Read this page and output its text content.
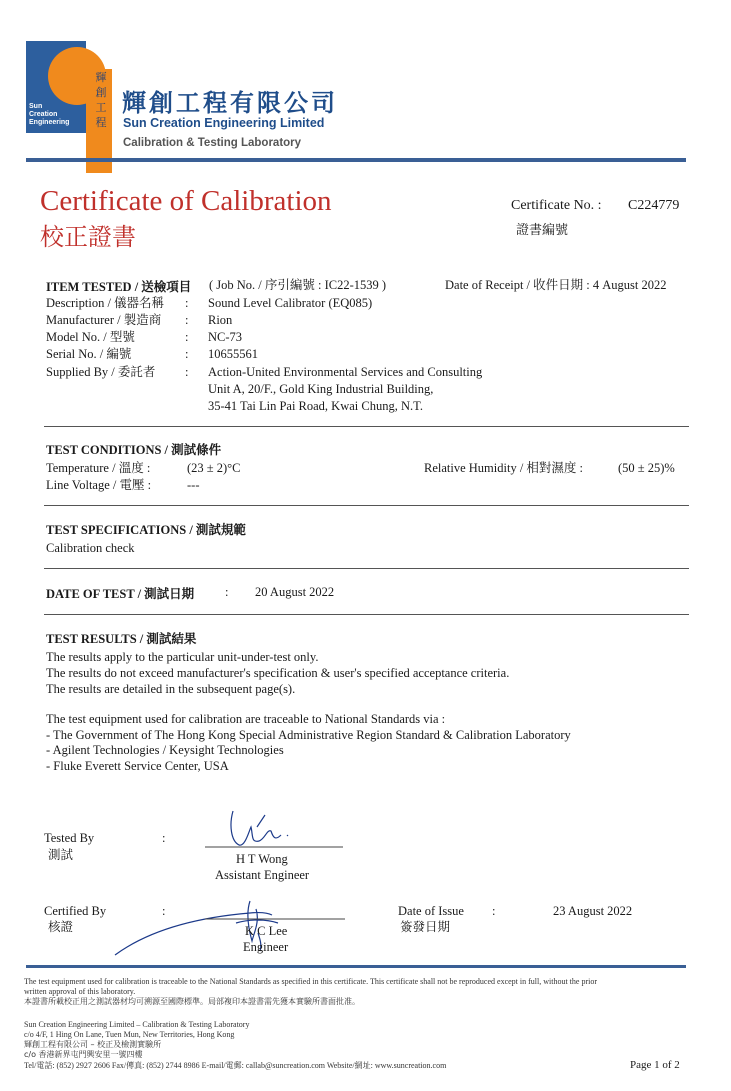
輝
創
工
程
Sun
Creation
Engineering
輝創工程有限公司
Sun Creation Engineering Limited
Calibration & Testing Laboratory
Certificate of Calibration
校正證書
Certificate No. : C224779
證書編號
ITEM TESTED / 送檢項目 ( Job No. / 序引編號 : IC22-1539 )	Date of Receipt / 收件日期 : 4 August 2022
Description / 儀器名稱 : Sound Level Calibrator (EQ085)
Manufacturer / 製造商 : Rion
Model No. / 型號	: NC-73
Serial No. / 編號	: 10655561
Supplied By / 委託者 : Action-United Environmental Services and Consulting
Unit A, 20/F., Gold King Industrial Building,
35-41 Tai Lin Pai Road, Kwai Chung, N.T.
TEST CONDITIONS / 測試條件
Temperature / 溫度 :	(23 ± 2)°C	Relative Humidity / 相對濕度 :	(50 ± 25)%
Line Voltage / 電壓 :	---
TEST SPECIFICATIONS / 測試規範
Calibration check
DATE OF TEST / 測試日期 : 20 August 2022
TEST RESULTS / 測試結果
The results apply to the particular unit-under-test only.
The results do not exceed manufacturer's specification & user's specified acceptance criteria.
The results are detailed in the subsequent page(s).
The test equipment used for calibration are traceable to National Standards via :
- The Government of The Hong Kong Special Administrative Region Standard & Calibration Laboratory
- Agilent Technologies / Keysight Technologies
- Fluke Everett Service Center, USA
Tested By
測試
:
H T Wong
Assistant Engineer
Certified By
核證
:
K C Lee
Engineer
Date of Issue
簽發日期
:	23 August 2022
The test equipment used for calibration is traceable to the National Standards as specified in this certificate. This certificate shall not be reproduced except in full, without the prior
written approval of this laboratory.
本證書所載校正用之測試器材均可溯源至國際標準。局部複印本證書需先獲本實驗所書面批准。
Sun Creation Engineering Limited – Calibration & Testing Laboratory
c/o 4/F, 1 Hing On Lane, Tuen Mun, New Territories, Hong Kong
輝創工程有限公司 – 校正及檢測實驗所
c/o 香港新界屯門興安里一號四樓
Tel/電話: (852) 2927 2606 Fax/傳真: (852) 2744 8986 E-mail/電郵: callab@suncreation.com Website/網址: www.suncreation.com	Page 1 of 2
